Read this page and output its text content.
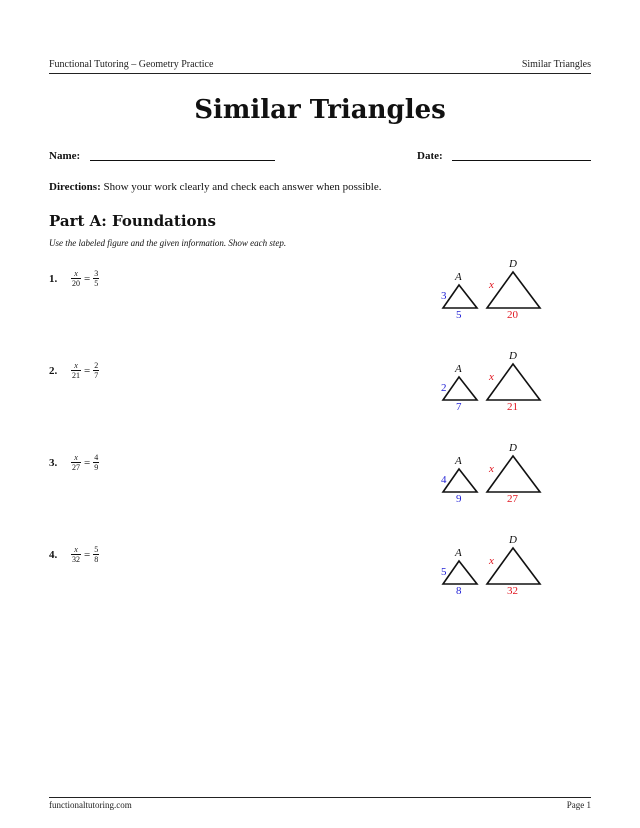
Functional Tutoring – Geometry Practice	Similar Triangles
Similar Triangles
Name:	Date:
Directions: Show your work clearly and check each answer when possible.
Part A: Foundations
Use the labeled figure and the given information. Show each step.
1. $\frac{x}{20} = \frac{3}{5}$	A
D
3
5
x
20
2. $\frac{x}{21} = \frac{2}{7}$	A
D
2
7
x
21
3. $\frac{x}{27} = \frac{4}{9}$	A
D
4
9
x
27
4. $\frac{x}{32} = \frac{5}{8}$	A
D
5
8
x
32
functionaltutoring.com	Page 1
